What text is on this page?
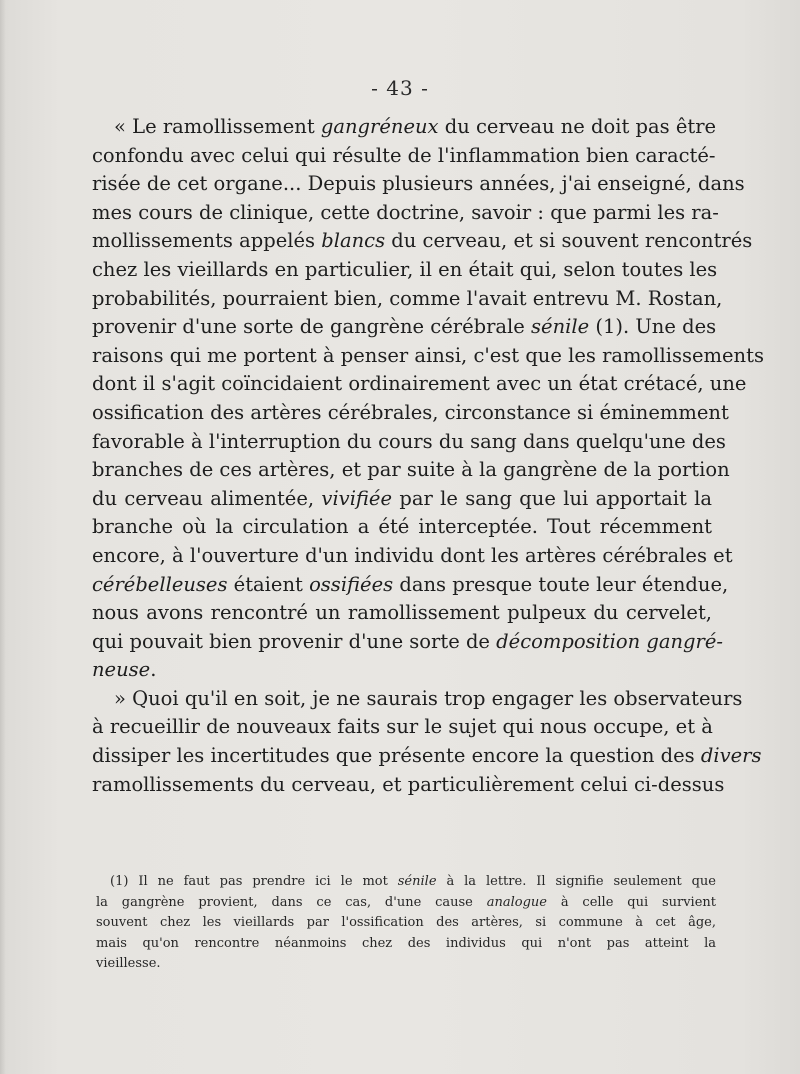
- 43 -
« Le ramollissement gangréneux du cerveau ne doit pas être
confondu avec celui qui résulte de l'inflammation bien caracté-
risée de cet organe... Depuis plusieurs années, j'ai enseigné, dans
mes cours de clinique, cette doctrine, savoir : que parmi les ra-
mollissements appelés blancs du cerveau, et si souvent rencontrés
chez les vieillards en particulier, il en était qui, selon toutes les
probabilités, pourraient bien, comme l'avait entrevu M. Rostan,
provenir d'une sorte de gangrène cérébrale sénile (1). Une des
raisons qui me portent à penser ainsi, c'est que les ramollissements
dont il s'agit coïncidaient ordinairement avec un état crétacé, une
ossification des artères cérébrales, circonstance si éminemment
favorable à l'interruption du cours du sang dans quelqu'une des
branches de ces artères, et par suite à la gangrène de la portion
du cerveau alimentée, vivifiée par le sang que lui apportait la
branche où la circulation a été interceptée. Tout récemment
encore, à l'ouverture d'un individu dont les artères cérébrales et
cérébelleuses étaient ossifiées dans presque toute leur étendue,
nous avons rencontré un ramollissement pulpeux du cervelet,
qui pouvait bien provenir d'une sorte de décomposition gangré-
neuse.
» Quoi qu'il en soit, je ne saurais trop engager les observateurs
à recueillir de nouveaux faits sur le sujet qui nous occupe, et à
dissiper les incertitudes que présente encore la question des divers
ramollissements du cerveau, et particulièrement celui ci-dessus
(1) Il ne faut pas prendre ici le mot sénile à la lettre. Il signifie seulement que
la gangrène provient, dans ce cas, d'une cause analogue à celle qui survient
souvent chez les vieillards par l'ossification des artères, si commune à cet âge,
mais qu'on rencontre néanmoins chez des individus qui n'ont pas atteint la
vieillesse.
